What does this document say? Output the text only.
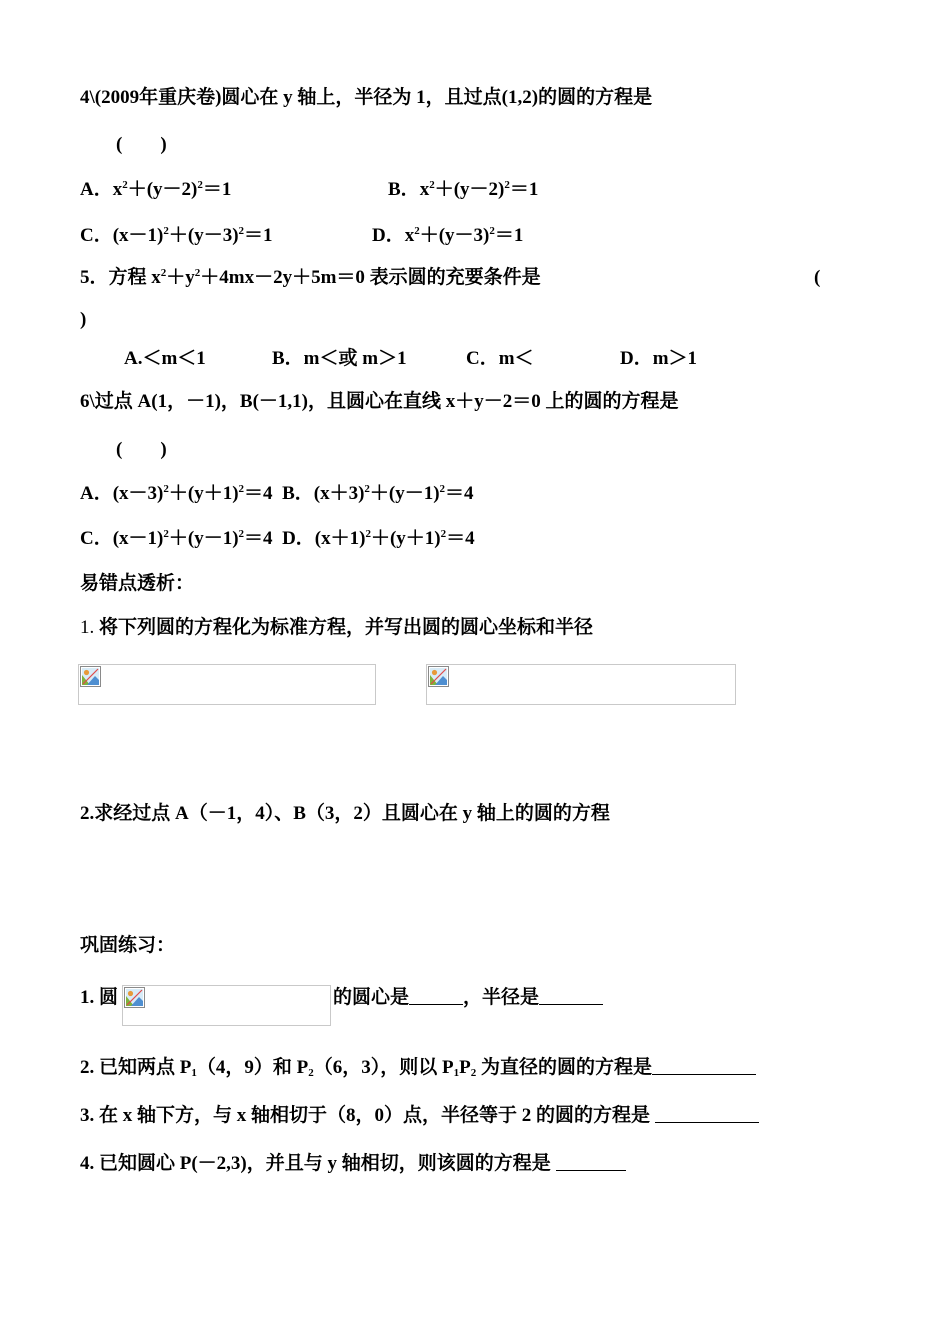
4\(2009年重庆卷)圆心在 y 轴上，半径为 1，且过点(1,2)的圆的方程是
(　　)
A．$x^2+(y-2)^2=1$	B．$x^2+(y-2)^2=1$
C．$(x-1)^2+(y-3)^2=1$	D．$x^2+(y-3)^2=1$
5．方程 $x^2+y^2+4mx-2y+5m=0$ 表示圆的充要条件是	(
)
A.＜m＜1	B．m＜或 m＞1	C．m＜	D．m＞1
6\过点 A(1，－1)，B(－1,1)，且圆心在直线 x＋y－2＝0 上的圆的方程是
(　　)
A．$(x-3)^2+(y+1)^2=4$ B．$(x+3)^2+(y-1)^2=4$
C．$(x-1)^2+(y-1)^2=4$ D．$(x+1)^2+(y+1)^2=4$
易错点透析：
1. 将下列圆的方程化为标准方程，并写出圆的圆心坐标和半径
2.求经过点 A（－1，4）、B（3，2）且圆心在 y 轴上的圆的方程
巩固练习：
1. 圆	的圆心是	，半径是
2. 已知两点 $P_1(4$，9）和 $P_2(6$，3），则以 $P_1P_2$ 为直径的圆的方程是
3. 在 x 轴下方，与 x 轴相切于（8，0）点，半径等于 2 的圆的方程是
4. 已知圆心 P(－2,3)，并且与 y 轴相切，则该圆的方程是
